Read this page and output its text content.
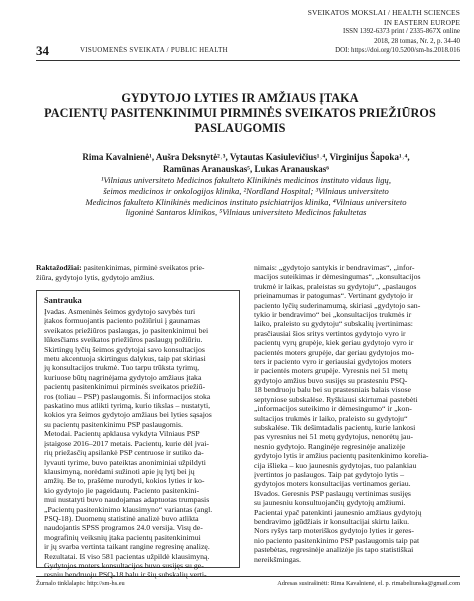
SVEIKATOS MOKSLAI / HEALTH SCIENCES
IN EASTERN EUROPE
ISSN 1392-6373 print / 2335-867X online
2018, 28 tomas, Nr. 2, p. 34-40
DOI: https://doi.org/10.5200/sm-hs.2018.016
34	VISUOMENĖS SVEIKATA / PUBLIC HEALTH
GYDYTOJO LYTIES IR AMŽIAUS ĮTAKA
PACIENTŲ PASITENKINIMUI PIRMINĖS SVEIKATOS PRIEŽIŪROS
PASLAUGOMIS
Rima Kavalnienė¹, Aušra Deksnytė²˒³, Vytautas Kasiulevičius¹˒⁴, Virginijus Šapoka¹˒⁴,
Ramūnas Aranauskas⁵, Lukas Aranauskas⁶
¹Vilniaus universiteto Medicinos fakulteto Klinikinės medicinos instituto vidaus ligų,
šeimos medicinos ir onkologijos klinika, ²Nordland Hospital; ³Vilniaus universiteto
Medicinos fakulteto Klinikinės medicinos instituto psichiatrijos klinika, ⁴Vilniaus universiteto
ligoninė Santaros klinikos, ⁵Vilniaus universiteto Medicinos fakultetas
Raktažodžiai: pasitenkinimas, pirminė sveikatos prie-
žiūra, gydytojo lytis, gydytojo amžius.
Santrauka
Įvadas. Asmeninės šeimos gydytojo savybės turi
įtakos formuojantis paciento požiūriui į gaunamas
sveikatos priežiūros paslaugas, jo pasitenkinimui bei
lūkesčiams sveikatos priežiūros paslaugų požiūriu.
Skirtingų lyčių šeimos gydytojai savo konsultacijos
metu akcentuoja skirtingus dalykus, taip pat skiriasi
jų konsultacijos trukmė. Tuo tarpu trūksta tyrimų,
kuriuose būtų nagrinėjama gydytojo amžiaus įtaka
pacientų pasitenkinimui pirminės sveikatos priežiū-
ros (toliau – PSP) paslaugomis. Ši informacijos stoka
paskatino mus atlikti tyrimą, kurio tikslas – nustatyti,
kokios yra šeimos gydytojo amžiaus bei lyties sąsajos
su pacientų pasitenkinimu PSP paslaugomis.
Metodai. Pacientų apklausa vykdyta Vilniaus PSP
įstaigose 2016–2017 metais. Pacientų, kurie dėl jvai-
rių priežasčių apsilankė PSP centruose ir sutiko da-
lyvauti tyrime, buvo pateiktas anoniminiai užpildyti
klausimyną, norėdami sužinoti apie jų lytį bei jų
amžių. Be to, prašėme nurodyti, kokios lyties ir ko-
kio gydytojo jie pageidautų. Paciento pasitenkini-
mui nustatyti buvo naudojamas adaptuotas trumpasis
„Pacientų pasitenkinimo klausimyno“ variantas (angl.
PSQ-18). Duomenų statistinė analizė buvo atlikta
naudojantis SPSS programos 24.0 versija. Visų de-
mografinių veiksnių įtaka pacientų pasitenkinimui
ir jų svarba vertinta taikant rangine regresinę analizę.
Rezultatai. Iš viso 581 pacientas užpildė klausimyną.
Gydytojos moters konsultacijos buvo susijęs su ge-
resniu bendruoju PSQ-18 balu ir šių subskalių verti-
nimais: „gydytojo santykis ir bendravimas“, „infor-
macijos suteikimas ir dėmesingumas“, „konsultacijos
trukmė ir laikas, praleistas su gydytoju“, „paslaugos
prieinamumas ir patogumas“. Vertinant gydytojo ir
paciento lyčių suderinamumą, skiriasi „gydytojo san-
tykio ir bendravimo“ bei „konsultacijos trukmės ir
laiko, praleisto su gydytoju“ subskalių įvertinimas:
prasčiausiai šios sritys vertintos gydytojo vyro ir
pacientų vyrų grupėje, kiek geriau gydytojo vyro ir
pacientės moters grupėje, dar geriau gydytojos mo-
ters ir paciento vyro ir geriausiai gydytojos moters
ir pacientės moters grupėje. Vyresnis nei 51 metų
gydytojo amžius buvo susijęs su prastesniu PSQ-
18 bendruoju balu bei su prastesniais balais visose
septyniose subskalėse. Ryškiausi skirtumai pastebėti
„informacijos suteikimo ir dėmesingumo“ ir „kon-
sultacijos trukmės ir laiko, praleisto su gydytoju“
subskalėse. Tik dešimtadalis pacientų, kurie lankosi
pas vyresnius nei 51 metų gydytojus, nenorėtų jau-
nesnio gydytojo. Ranginėje regresinėje analizėje
gydytojo lytis ir amžius pacientų pasitenkinimo korelia-
cija išlieka – kuo jaunesnis gydytojas, tuo palankiau
įvertintos jo paslaugos. Taip pat gydytojo lytis –
gydytojos moters konsultacijas vertinamos geriau.
Išvados. Geresnis PSP paslaugų vertinimas susijęs
su jaunesniu konsultuojančių gydytojų amžiumi.
Pacientai ypač patenkinti jaunesnio amžiaus gydytojų
bendravimo įgūdžiais ir konsultacijai skirtu laiku.
Nors ryšys tarp moteriškos gydytojo lyties ir geres-
nio paciento pasitenkinimo PSP paslaugomis taip pat
pastebėtas, regresinėje analizėje jis tapo statistiškai
nereikšmingas.
Žurnalo tinklalapis: http://sm-hs.eu	Adresas susirašinėti: Rima Kavalnienė, el. p. rimabeliunska@gmail.com
